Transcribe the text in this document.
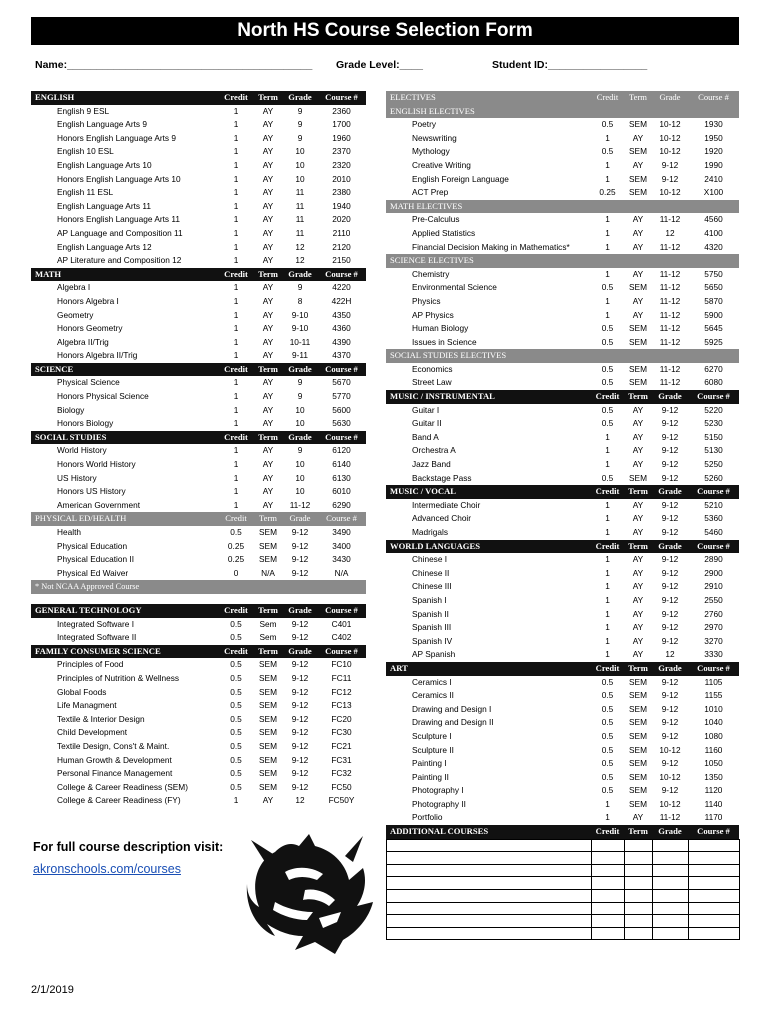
North HS Course Selection Form
Name:__________________________________________ Grade Level:____	Student ID:_________________
ENGLISH	Credit	Term	Grade	Course #
English 9 ESL	1	AY	9	2360
English Language Arts 9	1	AY	9	1700
Honors English Language Arts 9	1	AY	9	1960
English 10 ESL	1	AY	10	2370
English Language Arts 10	1	AY	10	2320
Honors English Language Arts 10	1	AY	10	2010
English 11 ESL	1	AY	11	2380
English Language Arts 11	1	AY	11	1940
Honors English Language Arts 11	1	AY	11	2020
AP Language and Composition 11	1	AY	11	2110
English Language Arts 12	1	AY	12	2120
AP Literature and Composition 12	1	AY	12	2150
MATH	Credit	Term	Grade	Course #
Algebra I	1	AY	9	4220
Honors Algebra I	1	AY	8	422H
Geometry	1	AY	9-10	4350
Honors Geometry	1	AY	9-10	4360
Algebra II/Trig	1	AY	10-11	4390
Honors Algebra II/Trig	1	AY	9-11	4370
SCIENCE	Credit	Term	Grade	Course #
Physical Science	1	AY	9	5670
Honors Physical Science	1	AY	9	5770
Biology	1	AY	10	5600
Honors Biology	1	AY	10	5630
SOCIAL STUDIES	Credit	Term	Grade	Course #
World History	1	AY	9	6120
Honors World History	1	AY	10	6140
US History	1	AY	10	6130
Honors US History	1	AY	10	6010
American Government	1	AY	11-12	6290
PHYSICAL ED/HEALTH	Credit	Term	Grade	Course #
Health	0.5	SEM	9-12	3490
Physical Education	0.25	SEM	9-12	3400
Physical Education II	0.25	SEM	9-12	3430
Physical Ed Waiver	0	N/A	9-12	N/A
* Not NCAA Approved Course				

GENERAL TECHNOLOGY	Credit	Term	Grade	Course #
Integrated Software I	0.5	Sem	9-12	C401
Integrated Software II	0.5	Sem	9-12	C402
FAMILY CONSUMER SCIENCE	Credit	Term	Grade	Course #
Principles of Food	0.5	SEM	9-12	FC10
Principles of Nutrition & Wellness	0.5	SEM	9-12	FC11
Global Foods	0.5	SEM	9-12	FC12
Life Managment	0.5	SEM	9-12	FC13
Textile & Interior Design	0.5	SEM	9-12	FC20
Child Development	0.5	SEM	9-12	FC30
Textile Design, Cons't & Maint.	0.5	SEM	9-12	FC21
Human Growth & Development	0.5	SEM	9-12	FC31
Personal Finance Management	0.5	SEM	9-12	FC32
College & Career Readiness (SEM)	0.5	SEM	9-12	FC50
College & Career Readiness (FY)	1	AY	12	FC50Y
ELECTIVES	Credit	Term	Grade	Course #
ENGLISH ELECTIVES				
Poetry	0.5	SEM	10-12	1930
Newswriting	1	AY	10-12	1950
Mythology	0.5	SEM	10-12	1920
Creative Writing	1	AY	9-12	1990
English Foreign Language	1	SEM	9-12	2410
ACT Prep	0.25	SEM	10-12	X100
MATH ELECTIVES				
Pre-Calculus	1	AY	11-12	4560
Applied Statistics	1	AY	12	4100
Financial Decision Making in Mathematics*	1	AY	11-12	4320
SCIENCE ELECTIVES				
Chemistry	1	AY	11-12	5750
Environmental Science	0.5	SEM	11-12	5650
Physics	1	AY	11-12	5870
AP Physics	1	AY	11-12	5900
Human Biology	0.5	SEM	11-12	5645
Issues in Science	0.5	SEM	11-12	5925
SOCIAL STUDIES ELECTIVES				
Economics	0.5	SEM	11-12	6270
Street Law	0.5	SEM	11-12	6080
MUSIC / INSTRUMENTAL	Credit	Term	Grade	Course #
Guitar I	0.5	AY	9-12	5220
Guitar II	0.5	AY	9-12	5230
Band A	1	AY	9-12	5150
Orchestra A	1	AY	9-12	5130
Jazz Band	1	AY	9-12	5250
Backstage Pass	0.5	SEM	9-12	5260
MUSIC / VOCAL	Credit	Term	Grade	Course #
Intermediate Choir	1	AY	9-12	5210
Advanced Choir	1	AY	9-12	5360
Madrigals	1	AY	9-12	5460
WORLD LANGUAGES	Credit	Term	Grade	Course #
Chinese I	1	AY	9-12	2890
Chinese II	1	AY	9-12	2900
Chinese III	1	AY	9-12	2910
Spanish I	1	AY	9-12	2550
Spanish II	1	AY	9-12	2760
Spanish III	1	AY	9-12	2970
Spanish IV	1	AY	9-12	3270
AP Spanish	1	AY	12	3330
ART	Credit	Term	Grade	Course #
Ceramics I	0.5	SEM	9-12	1105
Ceramics II	0.5	SEM	9-12	1155
Drawing and Design I	0.5	SEM	9-12	1010
Drawing and Design II	0.5	SEM	9-12	1040
Sculpture I	0.5	SEM	9-12	1080
Sculpture II	0.5	SEM	10-12	1160
Painting I	0.5	SEM	9-12	1050
Painting II	0.5	SEM	10-12	1350
Photography I	0.5	SEM	9-12	1120
Photography II	1	SEM	10-12	1140
Portfolio	1	AY	11-12	1170
ADDITIONAL COURSES	Credit	Term	Grade	Course #

For full course description visit:
akronschools.com/courses
2/1/2019
